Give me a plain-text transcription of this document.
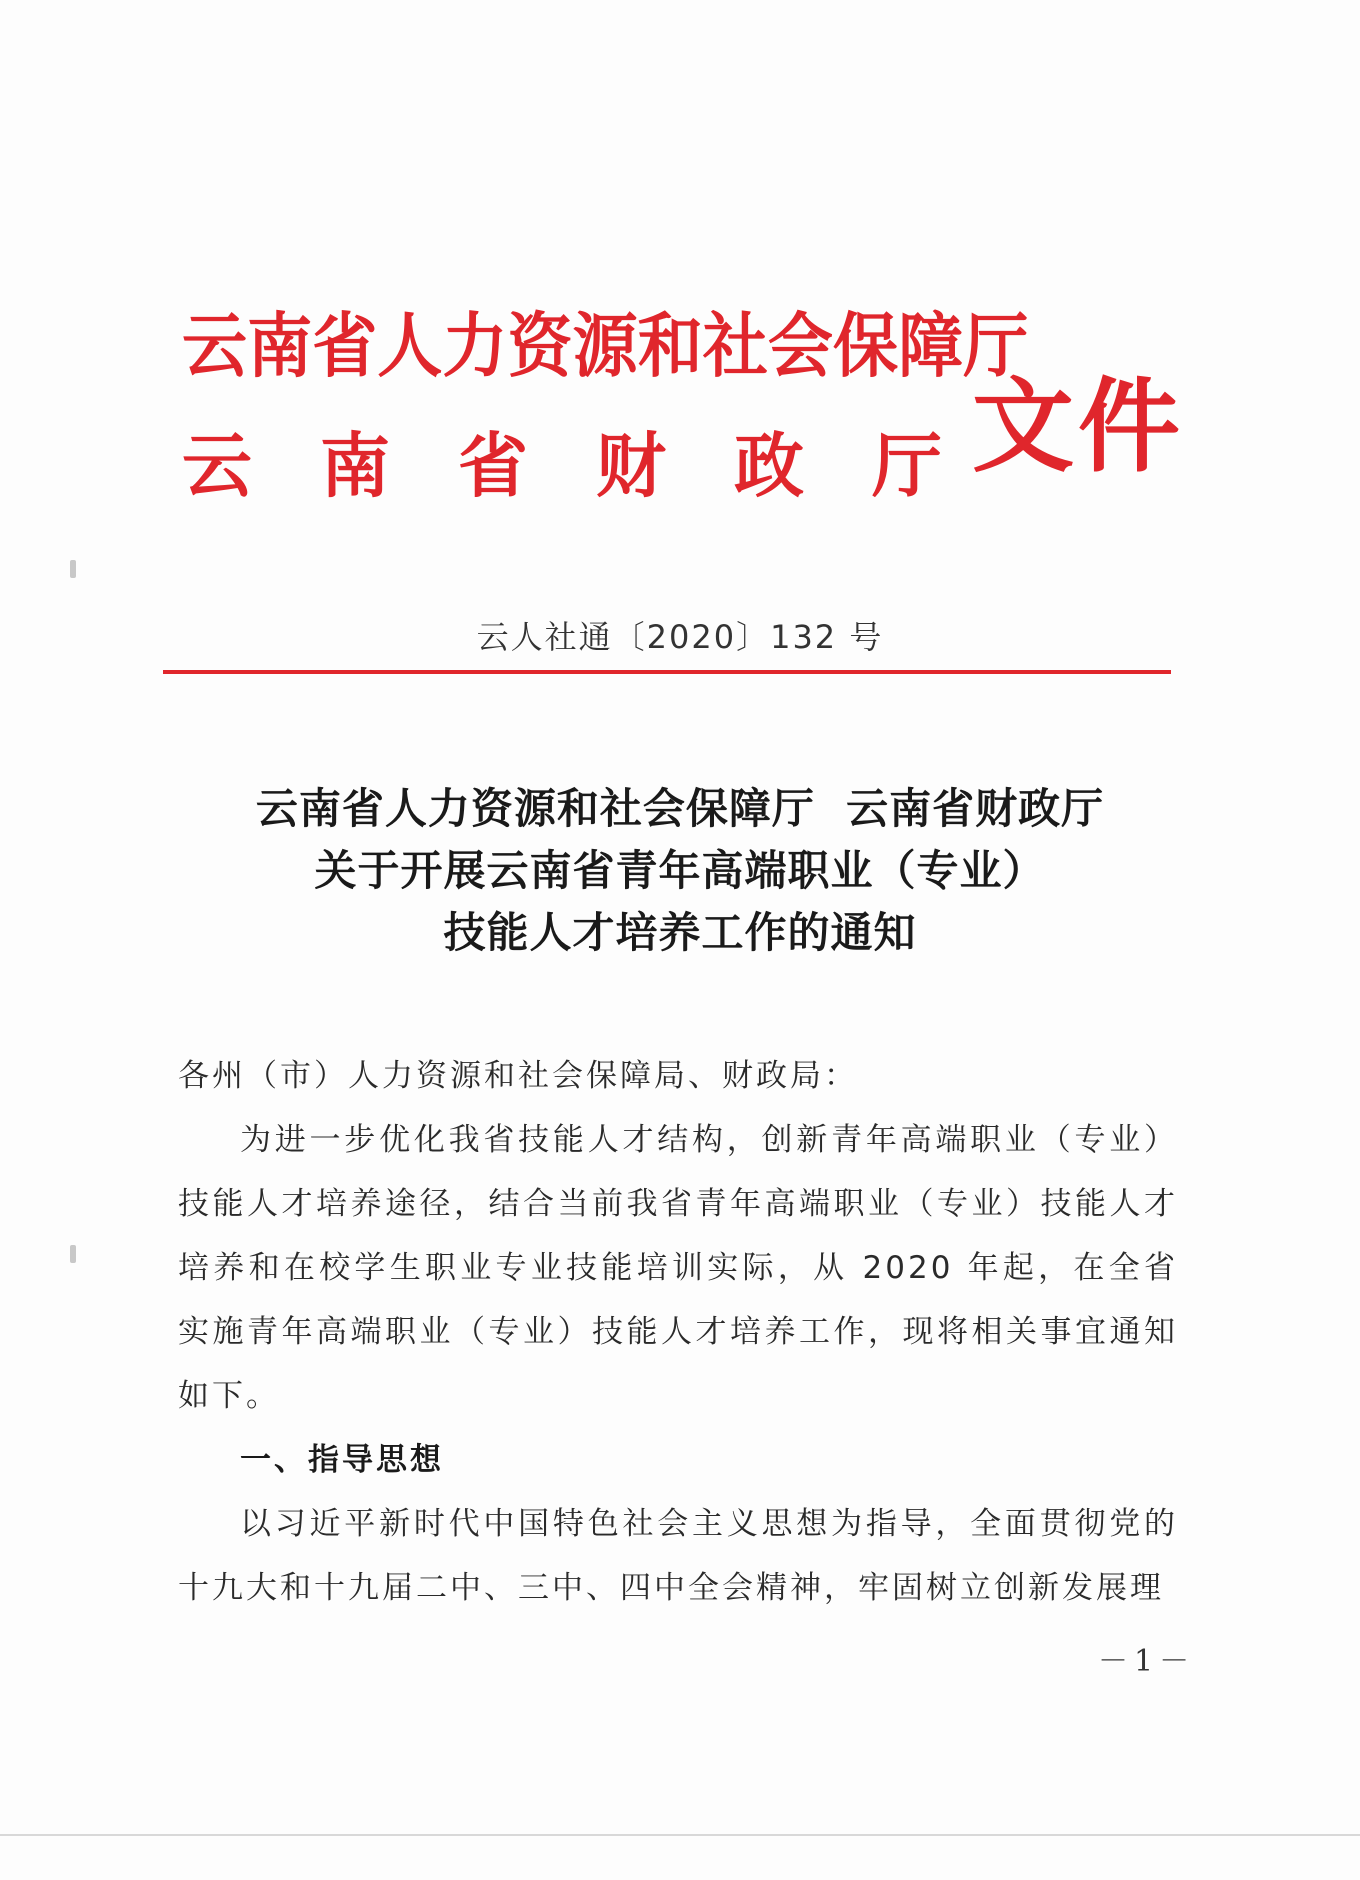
云南省人力资源和社会保障厅
云 南 省 财 政 厅 文件
云人社通〔2020〕132 号
云南省人力资源和社会保障厅  云南省财政厅
关于开展云南省青年高端职业（专业）
技能人才培养工作的通知

各州（市）人力资源和社会保障局、财政局：

为进一步优化我省技能人才结构，创新青年高端职业（专业）技能人才培养途径，结合当前我省青年高端职业（专业）技能人才培养和在校学生职业专业技能培训实际，从 2020 年起，在全省实施青年高端职业（专业）技能人才培养工作，现将相关事宜通知如下。

一、指导思想

以习近平新时代中国特色社会主义思想为指导，全面贯彻党的十九大和十九届二中、三中、四中全会精神，牢固树立创新发展理

－1－
